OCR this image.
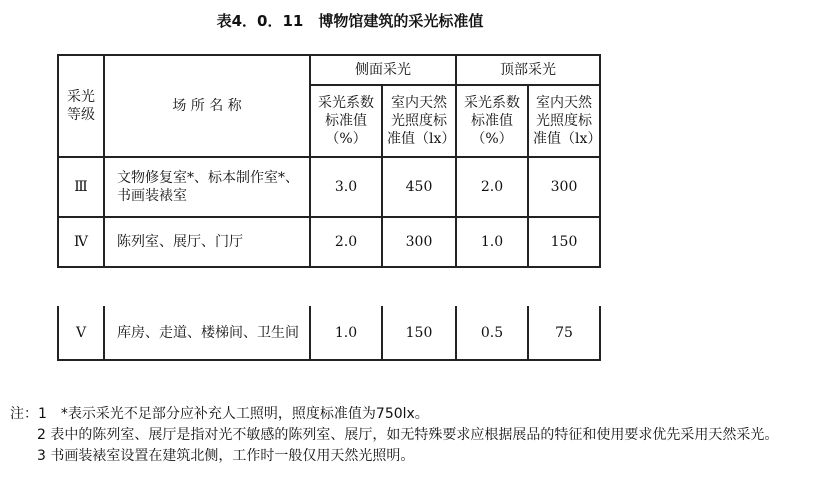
表4．0．11　博物馆建筑的采光标准值
采光等级	场 所 名 称	侧面采光		顶部采光	
		采光系数标准值（%）	室内天然光照度标准值（lx）	采光系数标准值（%）	室内天然光照度标准值（lx）
Ⅲ	文物修复室*、标本制作室*、书画装裱室	3.0	450	2.0	300
Ⅳ	陈列室、展厅、门厅	2.0	300	1.0	150
Ⅴ	库房、走道、楼梯间、卫生间	1.0	150	0.5	75
注：1　*表示采光不足部分应补充人工照明，照度标准值为750lx。
2 表中的陈列室、展厅是指对光不敏感的陈列室、展厅，如无特殊要求应根据展品的特征和使用要求优先采用天然采光。
3 书画装裱室设置在建筑北侧，工作时一般仅用天然光照明。
